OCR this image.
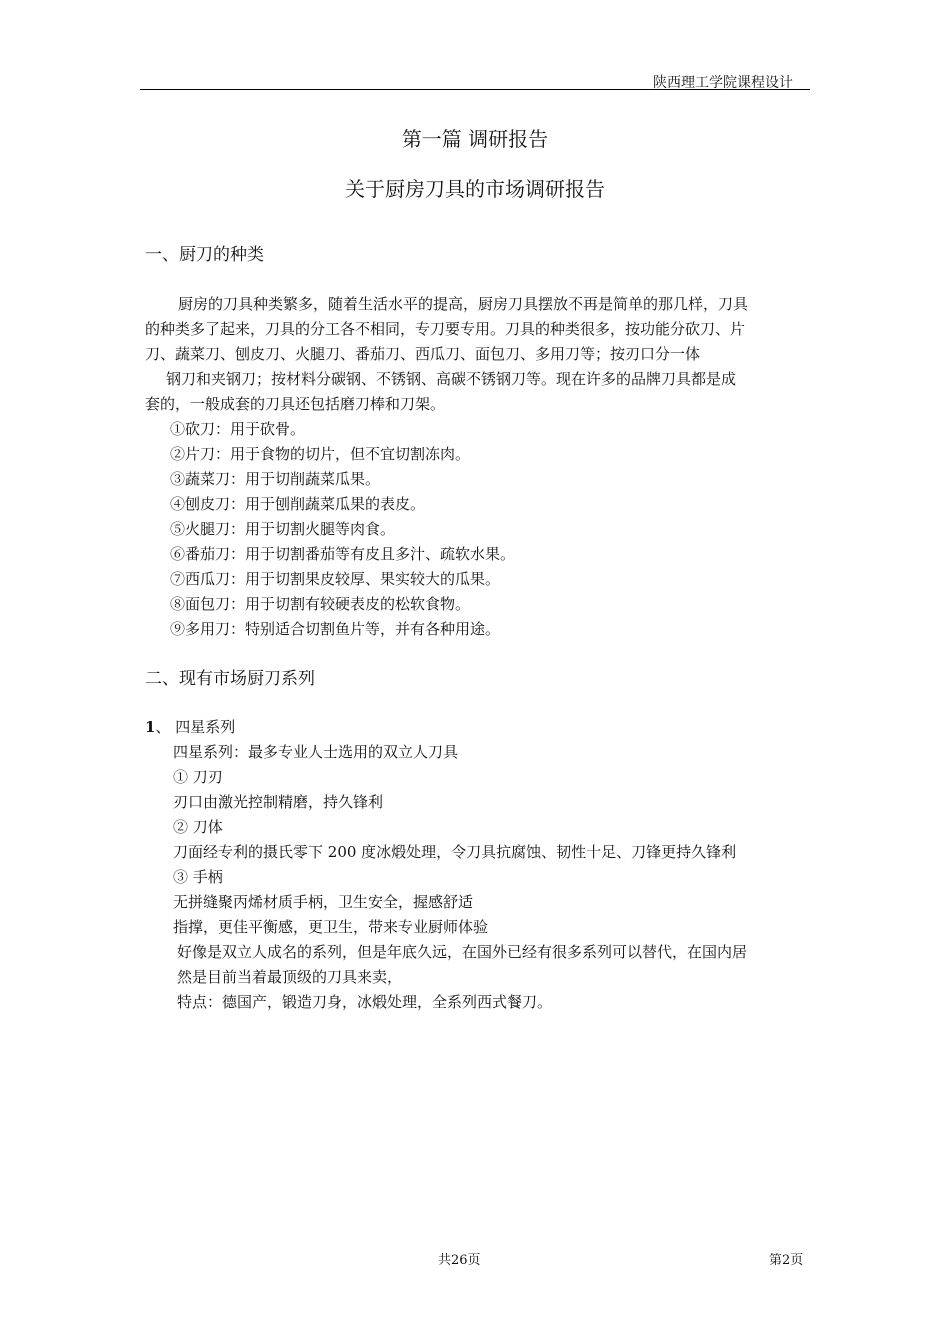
陕西理工学院课程设计
第一篇 调研报告
关于厨房刀具的市场调研报告
一、厨刀的种类
厨房的刀具种类繁多，随着生活水平的提高，厨房刀具摆放不再是简单的那几样，刀具
的种类多了起来，刀具的分工各不相同，专刀要专用。刀具的种类很多，按功能分砍刀、片
刀、蔬菜刀、刨皮刀、火腿刀、番茄刀、西瓜刀、面包刀、多用刀等；按刃口分一体
钢刀和夹钢刀；按材料分碳钢、不锈钢、高碳不锈钢刀等。现在许多的品牌刀具都是成
套的，一般成套的刀具还包括磨刀棒和刀架。
①砍刀：用于砍骨。
②片刀：用于食物的切片，但不宜切割冻肉。
③蔬菜刀：用于切削蔬菜瓜果。
④刨皮刀：用于刨削蔬菜瓜果的表皮。
⑤火腿刀：用于切割火腿等肉食。
⑥番茄刀：用于切割番茄等有皮且多汁、疏软水果。
⑦西瓜刀：用于切割果皮较厚、果实较大的瓜果。
⑧面包刀：用于切割有较硬表皮的松软食物。
⑨多用刀：特别适合切割鱼片等，并有各种用途。
二、现有市场厨刀系列
1、 四星系列
四星系列：最多专业人士选用的双立人刀具
① 刀刃
刃口由激光控制精磨，持久锋利
② 刀体
刀面经专利的摄氏零下 200 度冰煅处理，令刀具抗腐蚀、韧性十足、刀锋更持久锋利
③ 手柄
无拼缝聚丙烯材质手柄，卫生安全，握感舒适
指撑，更佳平衡感，更卫生，带来专业厨师体验
好像是双立人成名的系列，但是年底久远，在国外已经有很多系列可以替代，在国内居
然是目前当着最顶级的刀具来卖，
特点：德国产，锻造刀身，冰煅处理，全系列西式餐刀。
共26页	第2页
